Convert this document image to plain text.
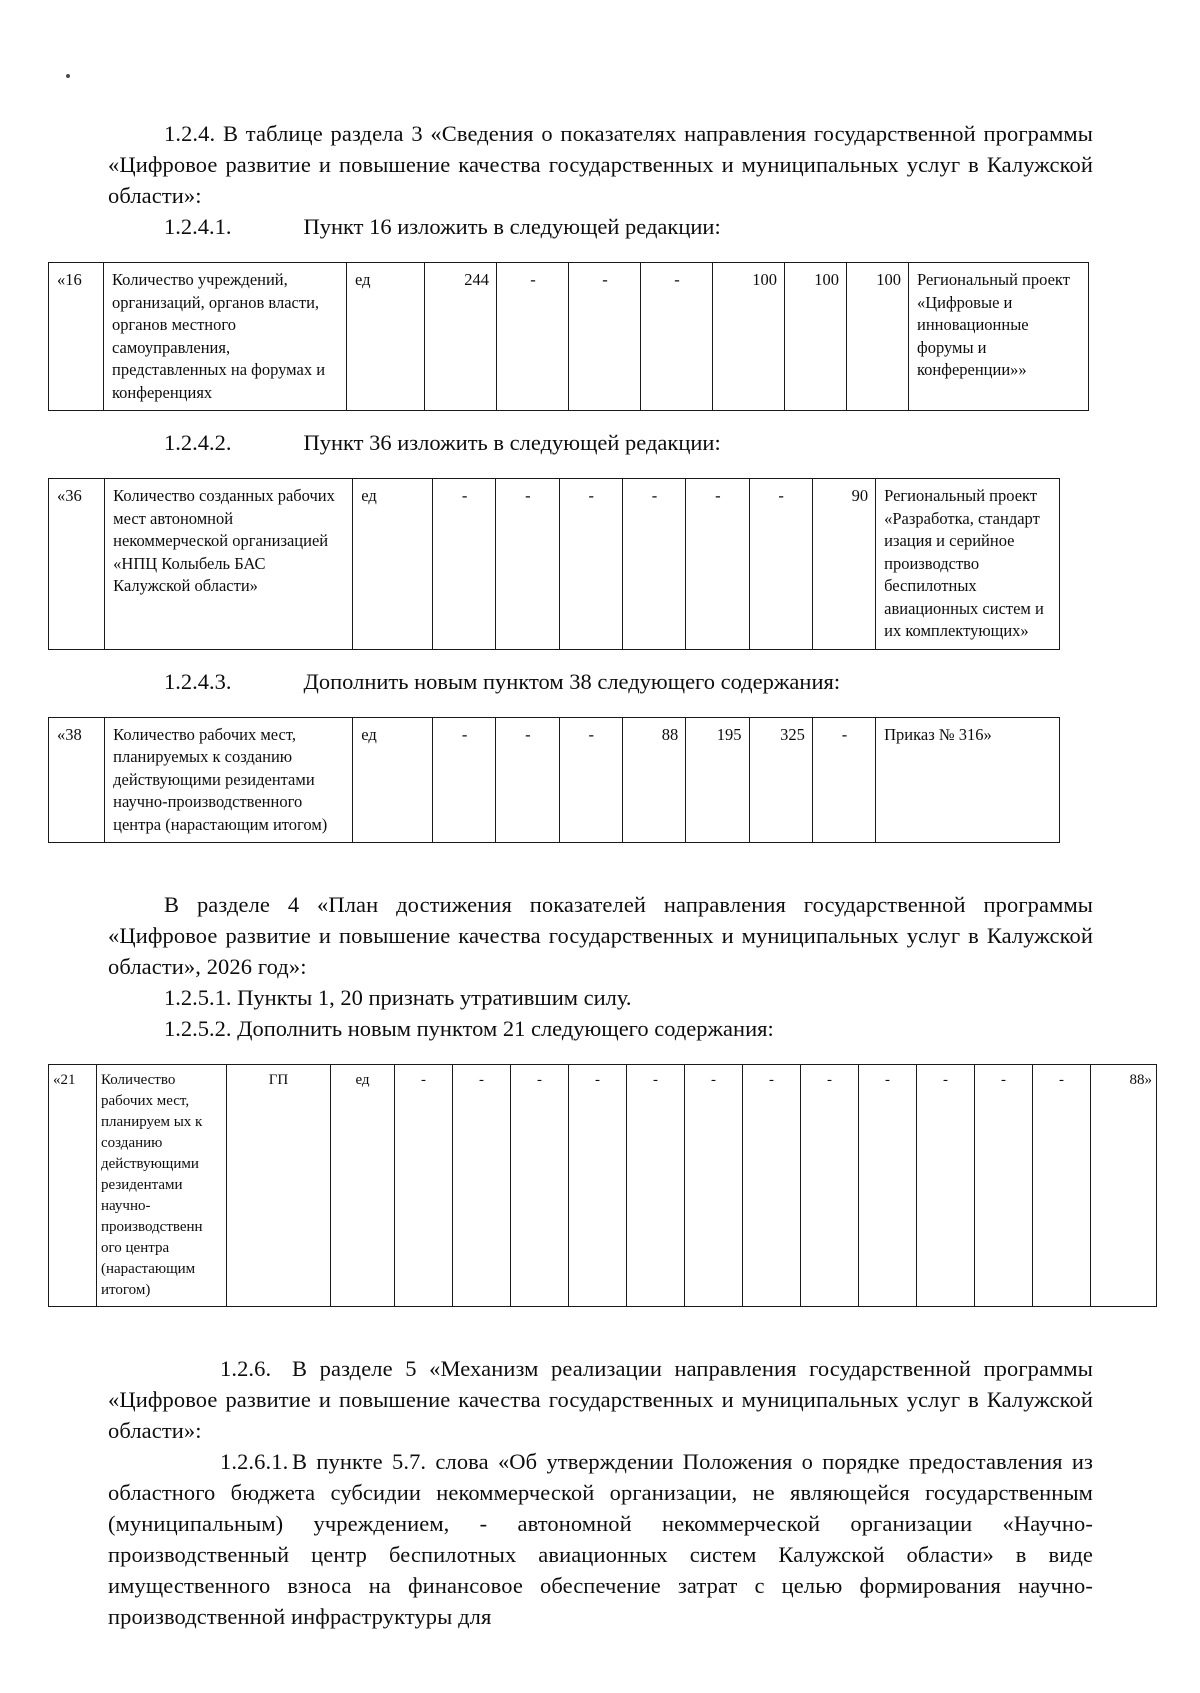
1.2.4. В таблице раздела 3 «Сведения о показателях направления государственной программы «Цифровое развитие и повышение качества государственных и муниципальных услуг в Калужской области»:

1.2.4.1.	Пункт 16 изложить в следующей редакции:

«16	Количество учреждений, организаций, органов власти, органов местного самоуправления, представленных на форумах и конференциях	ед	244	-	-	-	100	100	100	Региональный проект «Цифровые и инновационные форумы и конференции»»

1.2.4.2.	Пункт 36 изложить в следующей редакции:

«36	Количество созданных рабочих мест автономной некоммерческой организацией «НПЦ Колыбель БАС Калужской области»	ед	-	-	-	-	-	-	90	Региональный проект «Разработка, стандарт изация и серийное производство беспилотных авиационных систем и их комплектующих»

1.2.4.3.	Дополнить новым пунктом 38 следующего содержания:

«38	Количество рабочих мест, планируемых к созданию действующими резидентами научно-производственного центра (нарастающим итогом)	ед	-	-	-	88	195	325	-	Приказ № 316»

В разделе 4 «План достижения показателей направления государственной программы «Цифровое развитие и повышение качества государственных и муниципальных услуг в Калужской области», 2026 год»:

1.2.5.1. Пункты 1, 20 признать утратившим силу.

1.2.5.2. Дополнить новым пунктом 21 следующего содержания:

«21	Количество рабочих мест, планируем ых к созданию действующими резидентами научно-производственн ого центра (нарастающим итогом)	ГП	ед	-	-	-	-	-	-	-	-	-	-	-	-	88»

1.2.6. В разделе 5 «Механизм реализации направления государственной программы «Цифровое развитие и повышение качества государственных и муниципальных услуг в Калужской области»:

1.2.6.1. В пункте 5.7. слова «Об утверждении Положения о порядке предоставления из областного бюджета субсидии некоммерческой организации, не являющейся государственным (муниципальным) учреждением, - автономной некоммерческой организации «Научно-производственный центр беспилотных авиационных систем Калужской области» в виде имущественного взноса на финансовое обеспечение затрат с целью формирования научно-производственной инфраструктуры для
